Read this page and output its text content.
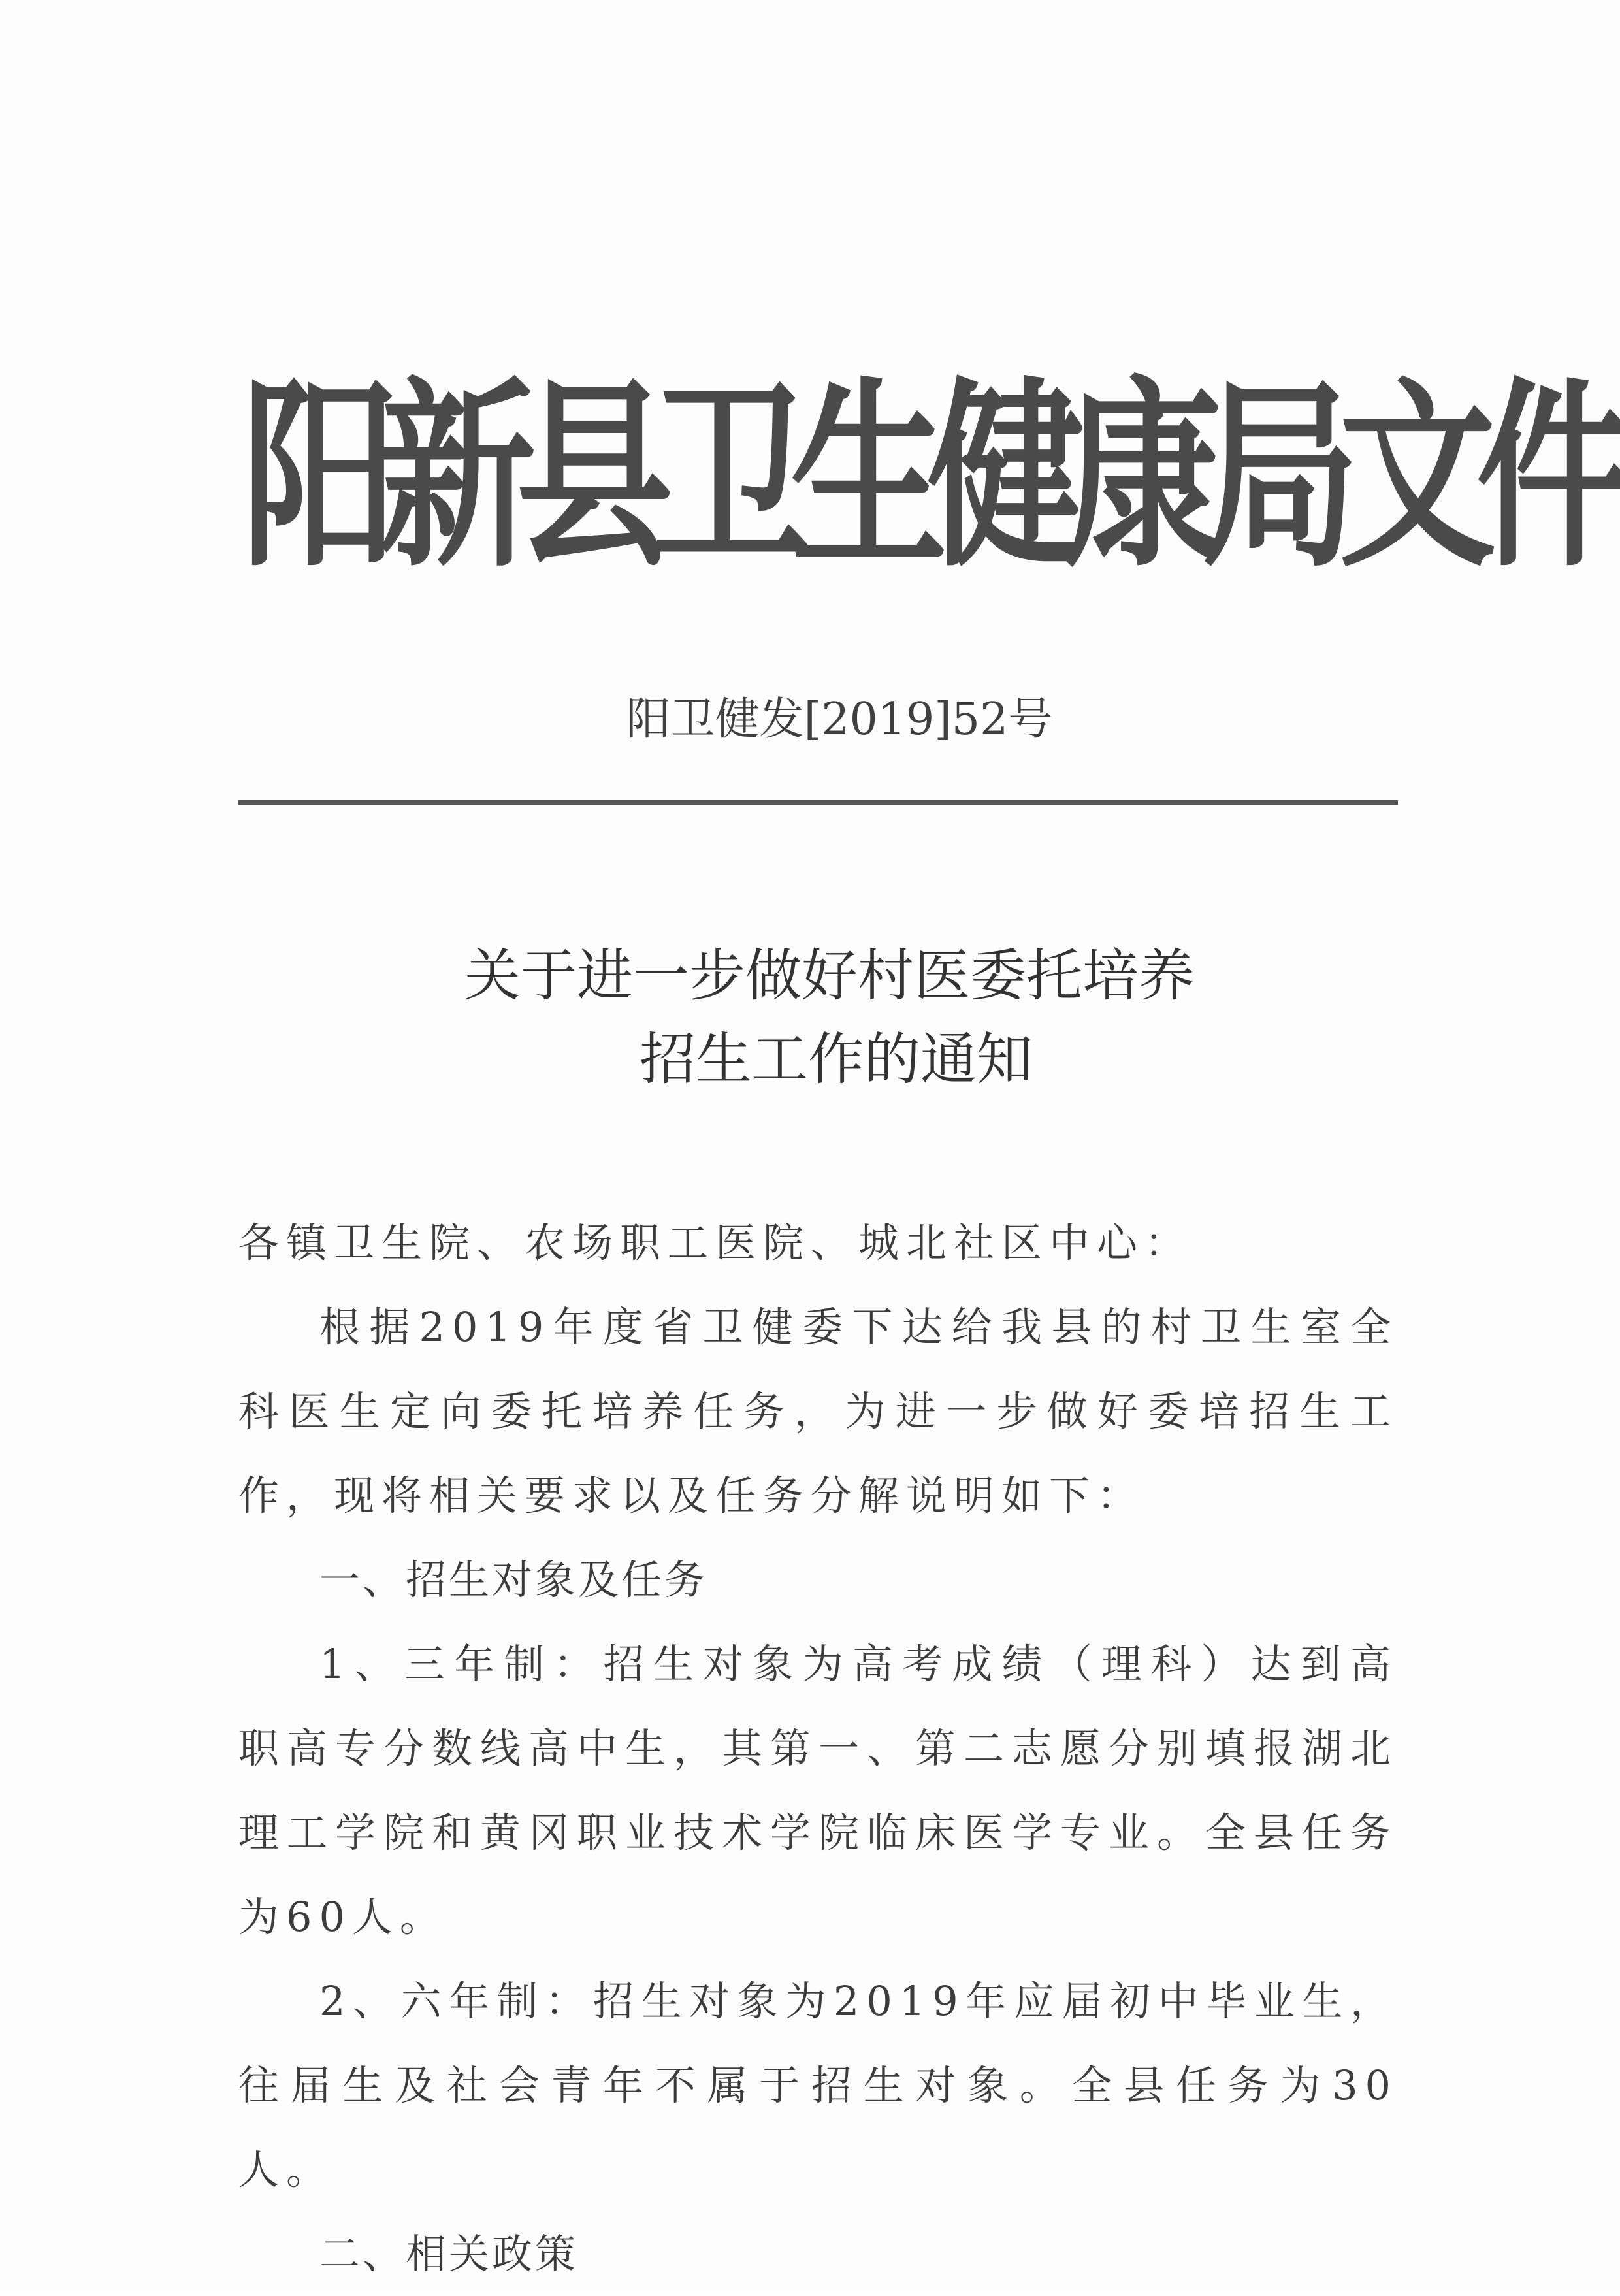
阳新县卫生健康局文件
阳卫健发[2019]52号
关于进一步做好村医委托培养
招生工作的通知

各镇卫生院、农场职工医院、城北社区中心：

根据2019年度省卫健委下达给我县的村卫生室全科医生定向委托培养任务，为进一步做好委培招生工作，现将相关要求以及任务分解说明如下：

一、招生对象及任务

1、三年制：招生对象为高考成绩（理科）达到高职高专分数线高中生，其第一、第二志愿分别填报湖北理工学院和黄冈职业技术学院临床医学专业。全县任务为60人。

2、六年制：招生对象为2019年应届初中毕业生，往届生及社会青年不属于招生对象。全县任务为30人。

二、相关政策
